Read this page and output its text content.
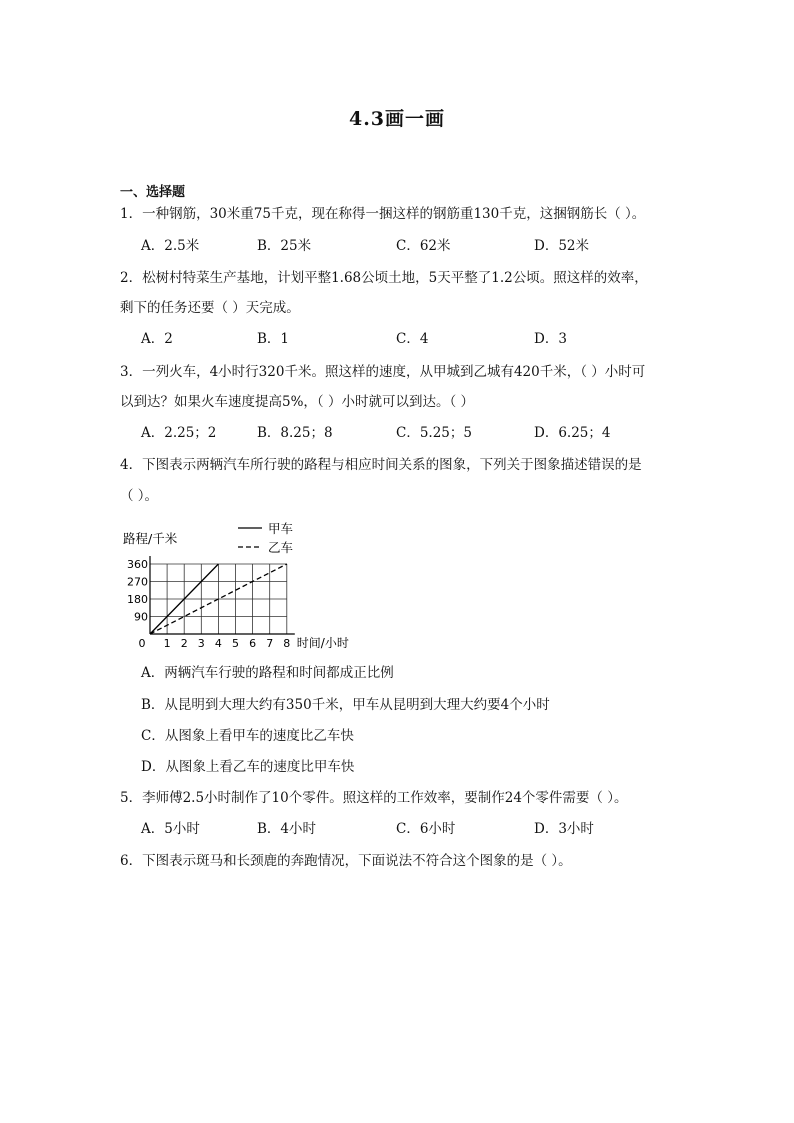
4.3画一画
一、选择题
1．一种钢筋，30米重75千克，现在称得一捆这样的钢筋重130千克，这捆钢筋长（ ）。
A．2.5米	B．25米	C．62米	D．52米
2．松树村特菜生产基地，计划平整1.68公顷土地，5天平整了1.2公顷。照这样的效率，
剩下的任务还要（ ）天完成。
A．2	B．1	C．4	D．3
3．一列火车，4小时行320千米。照这样的速度，从甲城到乙城有420千米，（ ）小时可
以到达？如果火车速度提高5%，（ ）小时就可以到达。（ ）
A．2.25；2	B．8.25；8	C．5.25；5	D．6.25；4
4．下图表示两辆汽车所行驶的路程与相应时间关系的图象，下列关于图象描述错误的是
（ ）。
0 1 2 3 4 5 6 7 8
90
180
270
360
路程/千米
时间/小时
甲车
乙车
A．两辆汽车行驶的路程和时间都成正比例
B．从昆明到大理大约有350千米，甲车从昆明到大理大约要4个小时
C．从图象上看甲车的速度比乙车快
D．从图象上看乙车的速度比甲车快
5．李师傅2.5小时制作了10个零件。照这样的工作效率，要制作24个零件需要（ ）。
A．5小时	B．4小时	C．6小时	D．3小时
6．下图表示斑马和长颈鹿的奔跑情况，下面说法不符合这个图象的是（ ）。
